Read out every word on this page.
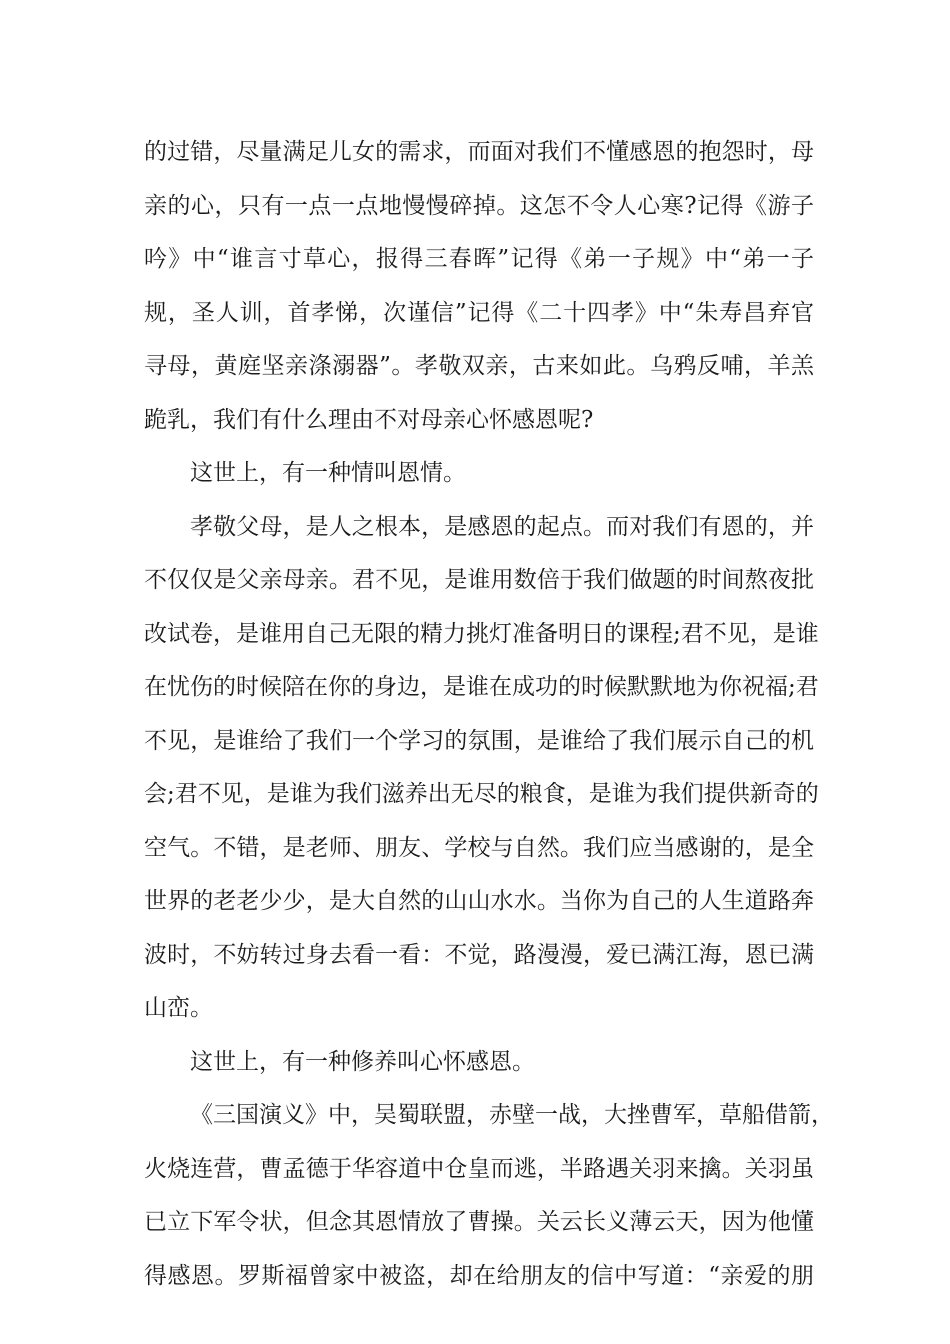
的过错，尽量满足儿女的需求，而面对我们不懂感恩的抱怨时，母
亲的心，只有一点一点地慢慢碎掉。这怎不令人心寒?记得《游子
吟》中“谁言寸草心，报得三春晖”记得《弟一子规》中“弟一子
规，圣人训，首孝悌，次谨信”记得《二十四孝》中“朱寿昌弃官
寻母，黄庭坚亲涤溺器”。孝敬双亲，古来如此。乌鸦反哺，羊羔
跪乳，我们有什么理由不对母亲心怀感恩呢?
这世上，有一种情叫恩情。
孝敬父母，是人之根本，是感恩的起点。而对我们有恩的，并
不仅仅是父亲母亲。君不见，是谁用数倍于我们做题的时间熬夜批
改试卷，是谁用自己无限的精力挑灯准备明日的课程;君不见，是谁
在忧伤的时候陪在你的身边，是谁在成功的时候默默地为你祝福;君
不见，是谁给了我们一个学习的氛围，是谁给了我们展示自己的机
会;君不见，是谁为我们滋养出无尽的粮食，是谁为我们提供新奇的
空气。不错，是老师、朋友、学校与自然。我们应当感谢的，是全
世界的老老少少，是大自然的山山水水。当你为自己的人生道路奔
波时，不妨转过身去看一看：不觉，路漫漫，爱已满江海，恩已满
山峦。
这世上，有一种修养叫心怀感恩。
《三国演义》中，吴蜀联盟，赤壁一战，大挫曹军，草船借箭，
火烧连营，曹孟德于华容道中仓皇而逃，半路遇关羽来擒。关羽虽
已立下军令状，但念其恩情放了曹操。关云长义薄云天，因为他懂
得感恩。罗斯福曾家中被盗，却在给朋友的信中写道：“亲爱的朋
